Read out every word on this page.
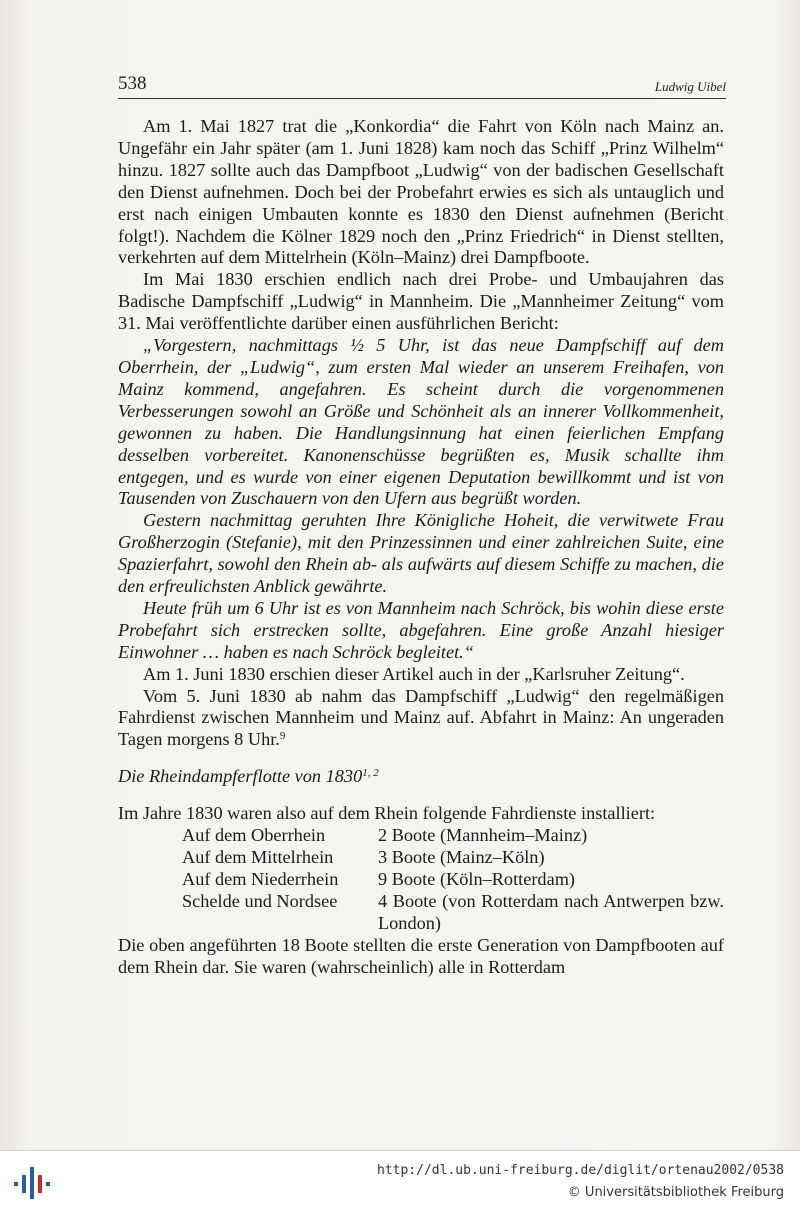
538	Ludwig Uibel

Am 1. Mai 1827 trat die „Konkordia“ die Fahrt von Köln nach Mainz an. Ungefähr ein Jahr später (am 1. Juni 1828) kam noch das Schiff „Prinz Wilhelm“ hinzu. 1827 sollte auch das Dampfboot „Ludwig“ von der badischen Gesellschaft den Dienst aufnehmen. Doch bei der Probefahrt erwies es sich als untauglich und erst nach einigen Umbauten konnte es 1830 den Dienst aufnehmen (Bericht folgt!). Nachdem die Kölner 1829 noch den „Prinz Friedrich“ in Dienst stellten, verkehrten auf dem Mittelrhein (Köln–Mainz) drei Dampfboote.

Im Mai 1830 erschien endlich nach drei Probe- und Umbaujahren das Badische Dampfschiff „Ludwig“ in Mannheim. Die „Mannheimer Zeitung“ vom 31. Mai veröffentlichte darüber einen ausführlichen Bericht:

„Vorgestern, nachmittags ½ 5 Uhr, ist das neue Dampfschiff auf dem Oberrhein, der „Ludwig“, zum ersten Mal wieder an unserem Freihafen, von Mainz kommend, angefahren. Es scheint durch die vorgenommenen Verbesserungen sowohl an Größe und Schönheit als an innerer Vollkommenheit, gewonnen zu haben. Die Handlungsinnung hat einen feierlichen Empfang desselben vorbereitet. Kanonenschüsse begrüßten es, Musik schallte ihm entgegen, und es wurde von einer eigenen Deputation bewillkommt und ist von Tausenden von Zuschauern von den Ufern aus begrüßt worden.

Gestern nachmittag geruhten Ihre Königliche Hoheit, die verwitwete Frau Großherzogin (Stefanie), mit den Prinzessinnen und einer zahlreichen Suite, eine Spazierfahrt, sowohl den Rhein ab- als aufwärts auf diesem Schiffe zu machen, die den erfreulichsten Anblick gewährte.

Heute früh um 6 Uhr ist es von Mannheim nach Schröck, bis wohin diese erste Probefahrt sich erstrecken sollte, abgefahren. Eine große Anzahl hiesiger Einwohner … haben es nach Schröck begleitet.“

Am 1. Juni 1830 erschien dieser Artikel auch in der „Karlsruher Zeitung“.

Vom 5. Juni 1830 ab nahm das Dampfschiff „Ludwig“ den regelmäßigen Fahrdienst zwischen Mannheim und Mainz auf. Abfahrt in Mainz: An ungeraden Tagen morgens 8 Uhr.$^9$

Die Rheindampferflotte von 1830$^{1, 2}$

Im Jahre 1830 waren also auf dem Rhein folgende Fahrdienste installiert:

Auf dem Oberrhein	2 Boote (Mannheim–Mainz)
Auf dem Mittelrhein	3 Boote (Mainz–Köln)
Auf dem Niederrhein	9 Boote (Köln–Rotterdam)
Schelde und Nordsee	4 Boote (von Rotterdam nach Antwerpen bzw. London)

Die oben angeführten 18 Boote stellten die erste Generation von Dampfbooten auf dem Rhein dar. Sie waren (wahrscheinlich) alle in Rotterdam

http://dl.ub.uni-freiburg.de/diglit/ortenau2002/0538
© Universitätsbibliothek Freiburg
